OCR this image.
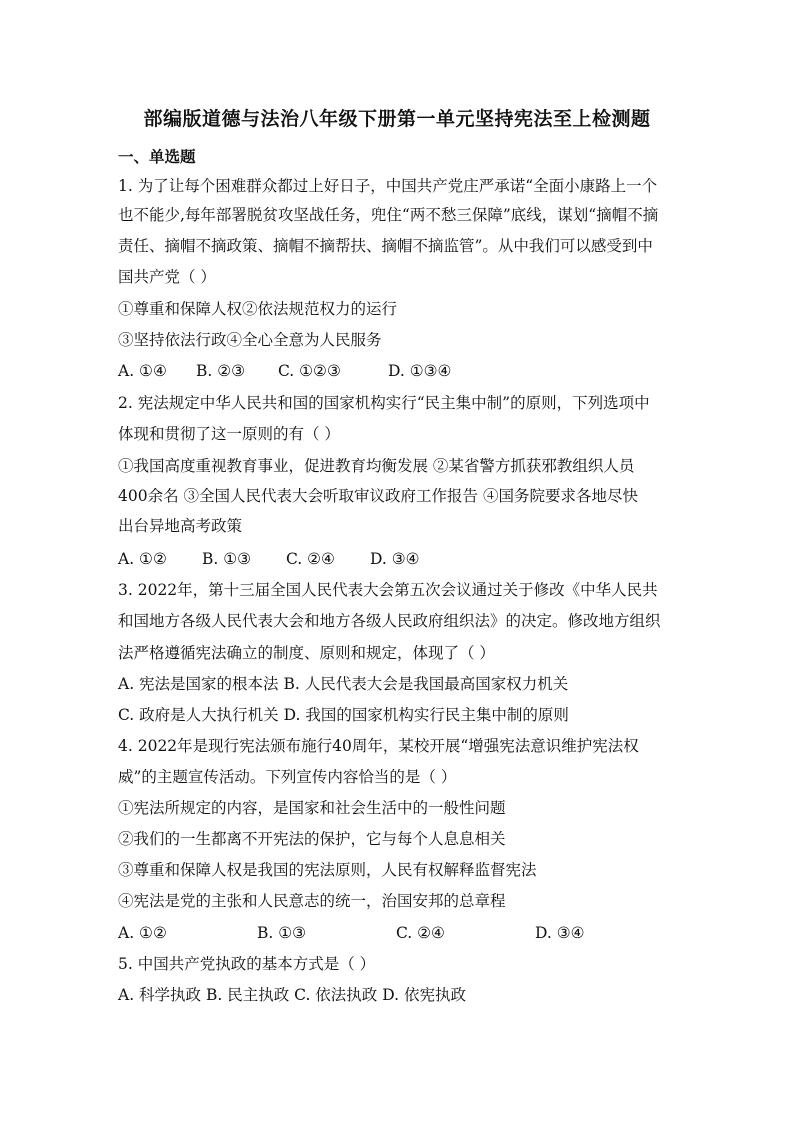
部编版道德与法治八年级下册第一单元坚持宪法至上检测题
一、单选题
1. 为了让每个困难群众都过上好日子，中国共产党庄严承诺“全面小康路上一个
也不能少,每年部署脱贫攻坚战任务，兜住“两不愁三保障”底线，谋划“摘帽不摘
责任、摘帽不摘政策、摘帽不摘帮扶、摘帽不摘监管”。从中我们可以感受到中
国共产党（ ）
①尊重和保障人权②依法规范权力的运行
③坚持依法行政④全心全意为人民服务
A. ①④ B. ②③ C. ①②③	D. ①③④
2. 宪法规定中华人民共和国的国家机构实行“民主集中制”的原则，下列选项中
体现和贯彻了这一原则的有（ ）
①我国高度重视教育事业，促进教育均衡发展 ②某省警方抓获邪教组织人员
400余名 ③全国人民代表大会听取审议政府工作报告 ④国务院要求各地尽快
出台异地高考政策
A. ①② B. ①③ C. ②④ D. ③④
3. 2022年，第十三届全国人民代表大会第五次会议通过关于修改《中华人民共
和国地方各级人民代表大会和地方各级人民政府组织法》的决定。修改地方组织
法严格遵循宪法确立的制度、原则和规定，体现了（ ）
A. 宪法是国家的根本法 B. 人民代表大会是我国最高国家权力机关
C. 政府是人大执行机关 D. 我国的国家机构实行民主集中制的原则
4. 2022年是现行宪法颁布施行40周年，某校开展“增强宪法意识维护宪法权
威”的主题宣传活动。下列宣传内容恰当的是（ ）
①宪法所规定的内容，是国家和社会生活中的一般性问题
②我们的一生都离不开宪法的保护，它与每个人息息相关
③尊重和保障人权是我国的宪法原则，人民有权解释监督宪法
④宪法是党的主张和人民意志的统一，治国安邦的总章程
A. ①②	B. ①③	C. ②④	D. ③④
5. 中国共产党执政的基本方式是（ ）
A. 科学执政 B. 民主执政 C. 依法执政 D. 依宪执政
